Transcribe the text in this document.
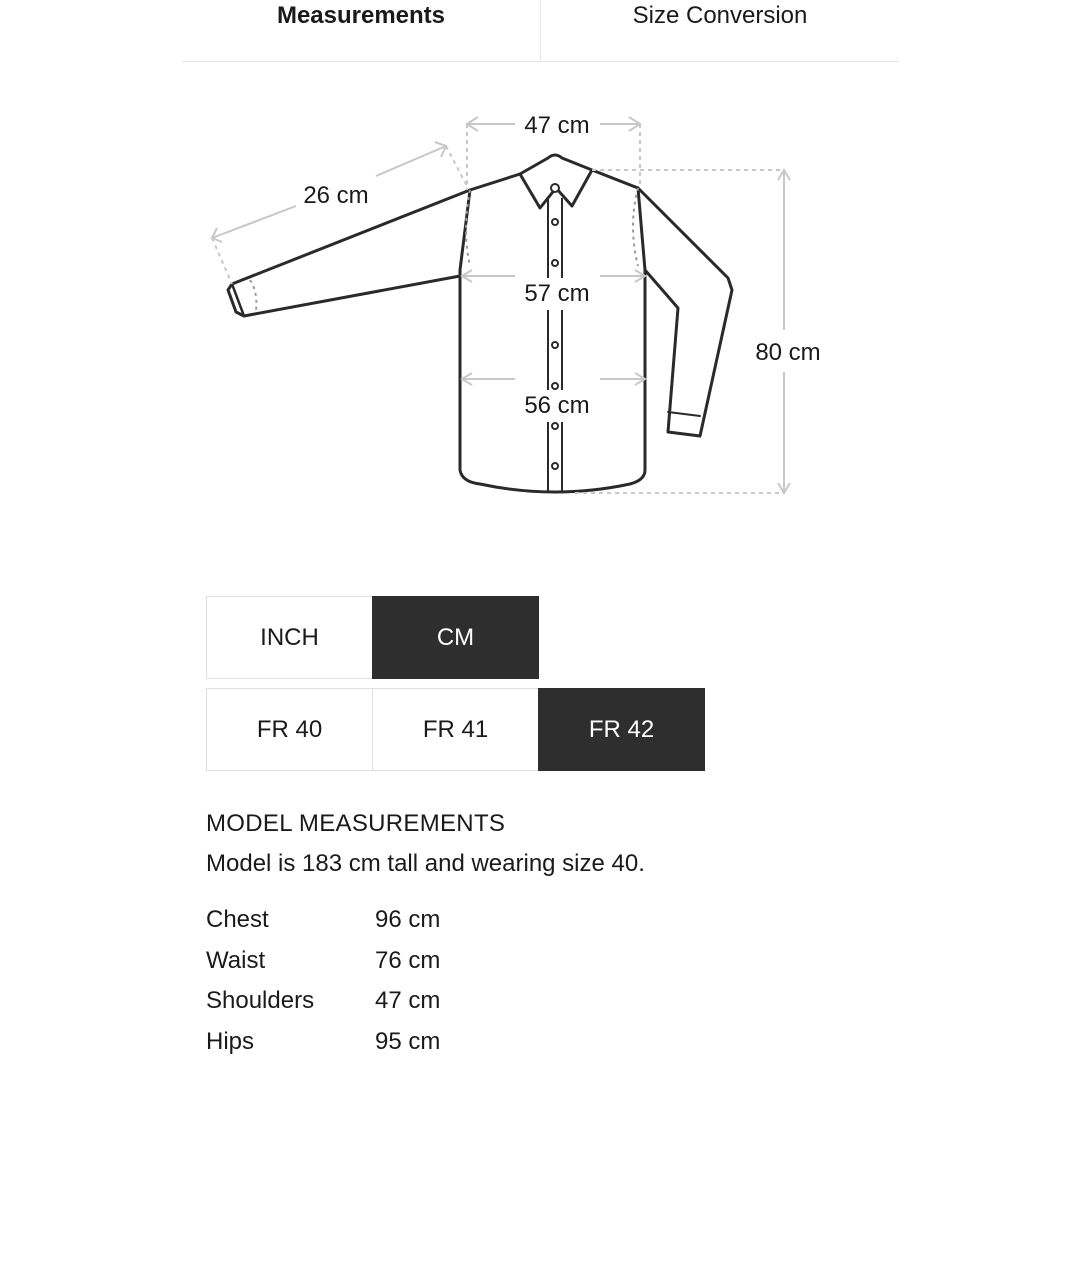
Measurements	Size Conversion
47 cm
26 cm
57 cm
56 cm
80 cm
INCH	CM
FR 40	FR 41	FR 42
MODEL MEASUREMENTS
Model is 183 cm tall and wearing size 40.
Chest	96 cm
Waist	76 cm
Shoulders	47 cm
Hips	95 cm
